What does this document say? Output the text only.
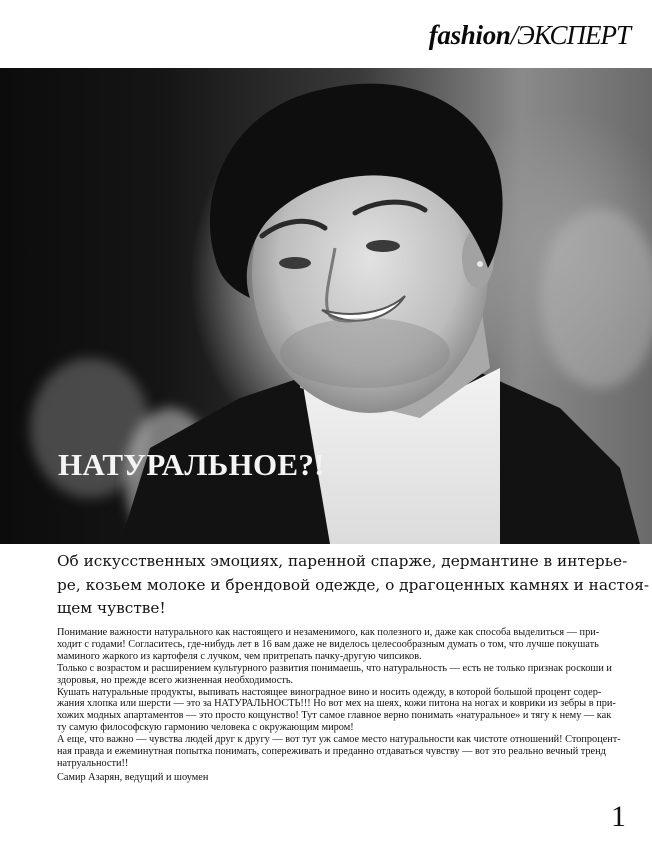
fashion/ЭКСПЕРТ
НАТУРАЛЬНОЕ?!

Об искусственных эмоциях, паренной спарже, дермантине в интерье-
ре, козьем молоке и брендовой одежде, о драгоценных камнях и настоя-
щем чувстве!

Понимание важности натурального как настоящего и незаменимого, как полезного и, даже как способа выделиться — при-
ходит с годами! Согласитесь, где-нибудь лет в 16 вам даже не виделось целесообразным думать о том, что лучше покушать
маминого жаркого из картофеля с лучком, чем притрепать пачку-другую чипсиков.
Только с возрастом и расширением культурного развития понимаешь, что натуральность — есть не только признак роскоши и
здоровья, но прежде всего жизненная необходимость.
Кушать натуральные продукты, выпивать настоящее виноградное вино и носить одежду, в которой большой процент содер-
жания хлопка или шерсти — это за НАТУРАЛЬНОСТЬ!!! Но вот мех на шеях, кожи питона на ногах и коврики из зебры в при-
хожих модных апартаментов — это просто кощунство! Тут самое главное верно понимать «натуральное» и тягу к нему — как
ту самую философскую гармонию человека с окружающим миром!
А еще, что важно — чувства людей друг к другу — вот тут уж самое место натуральности как чистоте отношений! Стопроцент-
ная правда и ежеминутная попытка понимать, сопереживать и преданно отдаваться чувству — вот это реально вечный тренд
натруальности!!
Самир Азарян, ведущий и шоумен
1
